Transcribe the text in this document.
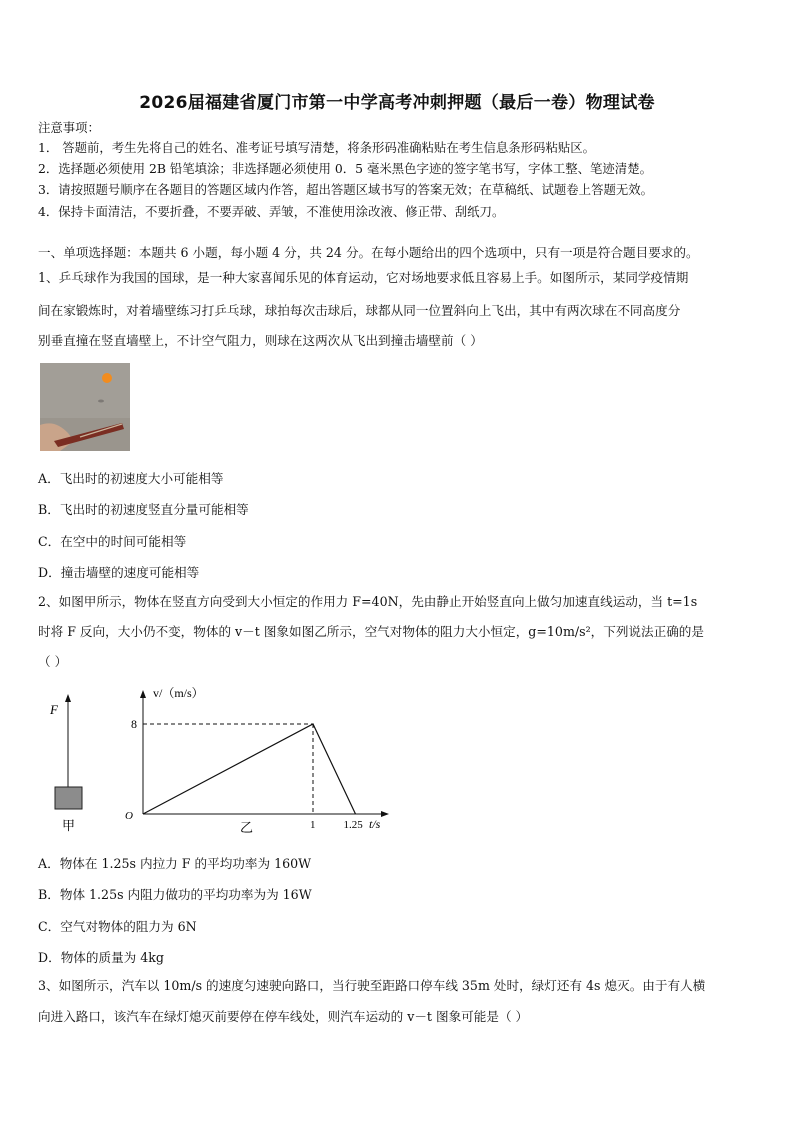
2026届福建省厦门市第一中学高考冲刺押题（最后一卷）物理试卷
注意事项：
1． 答题前，考生先将自己的姓名、准考证号填写清楚，将条形码准确粘贴在考生信息条形码粘贴区。
2．选择题必须使用 2B 铅笔填涂；非选择题必须使用 0．5 毫米黑色字迹的签字笔书写，字体工整、笔迹清楚。
3．请按照题号顺序在各题目的答题区域内作答，超出答题区域书写的答案无效；在草稿纸、试题卷上答题无效。
4．保持卡面清洁，不要折叠，不要弄破、弄皱，不准使用涂改液、修正带、刮纸刀。
一、单项选择题：本题共 6 小题，每小题 4 分，共 24 分。在每小题给出的四个选项中，只有一项是符合题目要求的。
1、乒乓球作为我国的国球，是一种大家喜闻乐见的体育运动，它对场地要求低且容易上手。如图所示，某同学疫情期
间在家锻炼时，对着墙壁练习打乒乓球，球拍每次击球后，球都从同一位置斜向上飞出，其中有两次球在不同高度分
别垂直撞在竖直墙壁上，不计空气阻力，则球在这两次从飞出到撞击墙壁前（ ）
A．飞出时的初速度大小可能相等
B．飞出时的初速度竖直分量可能相等
C．在空中的时间可能相等
D．撞击墙壁的速度可能相等
2、如图甲所示，物体在竖直方向受到大小恒定的作用力 F=40N，先由静止开始竖直向上做匀加速直线运动，当 t=1s
时将 F 反向，大小仍不变，物体的 v－t 图象如图乙所示，空气对物体的阻力大小恒定，g=10m/s²，下列说法正确的是
（ ）
F
甲
v/（m/s）
t/s
O
8
1	1.25
乙
A．物体在 1.25s 内拉力 F 的平均功率为 160W
B．物体 1.25s 内阻力做功的平均功率为为 16W
C．空气对物体的阻力为 6N
D．物体的质量为 4kg
3、如图所示，汽车以 10m/s 的速度匀速驶向路口，当行驶至距路口停车线 35m 处时，绿灯还有 4s 熄灭。由于有人横
向进入路口，该汽车在绿灯熄灭前要停在停车线处，则汽车运动的 v－t 图象可能是（ ）
